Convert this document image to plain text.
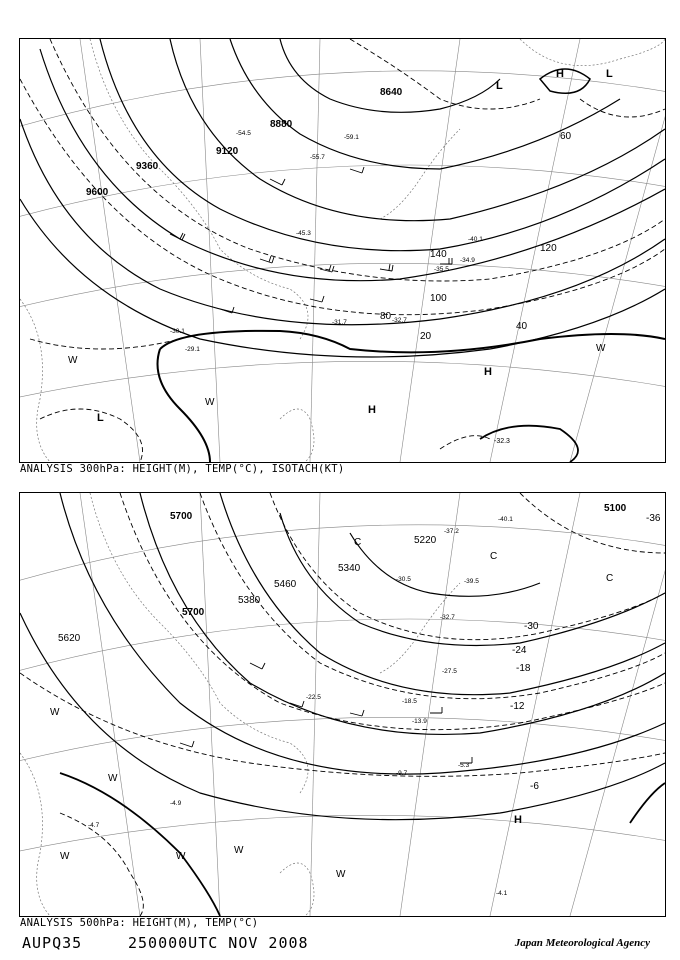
9600
9360
9120
8880
8640
20
40
60
80
100
120
140
H
H
H
L
L
L
-29.1
-30.1
-31.7	-32.7
-34.9
-35.5
-40.1
-45.3
-54.5
-55.7
-59.1
-32.3
W
W
W
ANALYSIS 300hPa: HEIGHT(M), TEMP(°C), ISOTACH(KT)
5100
5220
5340
5380
5460
5620
5700
5700
-6
-12
-18
-24
-30
-36
H
C
C
C
W
W
W	W
W
W
-4.7
-4.9
-5.3
-9.7
-13.9
-18.5
-22.5
-27.5
-30.5
-32.7
-37.2
-39.5
-40.1
-4.1
ANALYSIS 500hPa: HEIGHT(M), TEMP(°C)
AUPQ35	250000UTC NOV 2008	Japan Meteorological Agency
